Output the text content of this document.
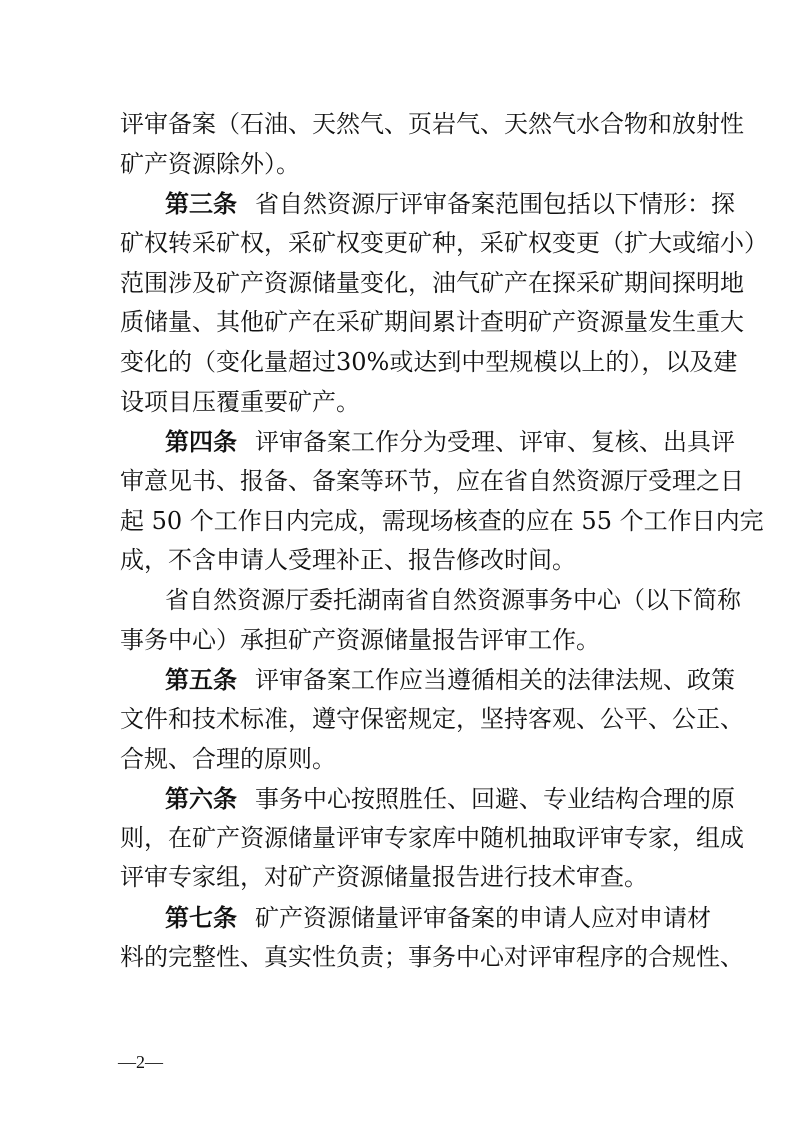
评审备案（石油、天然气、页岩气、天然气水合物和放射性
矿产资源除外）。
第三条 省自然资源厅评审备案范围包括以下情形：探
矿权转采矿权，采矿权变更矿种，采矿权变更（扩大或缩小）
范围涉及矿产资源储量变化，油气矿产在探采矿期间探明地
质储量、其他矿产在采矿期间累计查明矿产资源量发生重大
变化的（变化量超过30%或达到中型规模以上的），以及建
设项目压覆重要矿产。
第四条 评审备案工作分为受理、评审、复核、出具评
审意见书、报备、备案等环节，应在省自然资源厅受理之日
起 50 个工作日内完成，需现场核查的应在 55 个工作日内完
成，不含申请人受理补正、报告修改时间。
省自然资源厅委托湖南省自然资源事务中心（以下简称
事务中心）承担矿产资源储量报告评审工作。
第五条 评审备案工作应当遵循相关的法律法规、政策
文件和技术标准，遵守保密规定，坚持客观、公平、公正、
合规、合理的原则。
第六条 事务中心按照胜任、回避、专业结构合理的原
则，在矿产资源储量评审专家库中随机抽取评审专家，组成
评审专家组，对矿产资源储量报告进行技术审查。
第七条 矿产资源储量评审备案的申请人应对申请材
料的完整性、真实性负责；事务中心对评审程序的合规性、
—2—
